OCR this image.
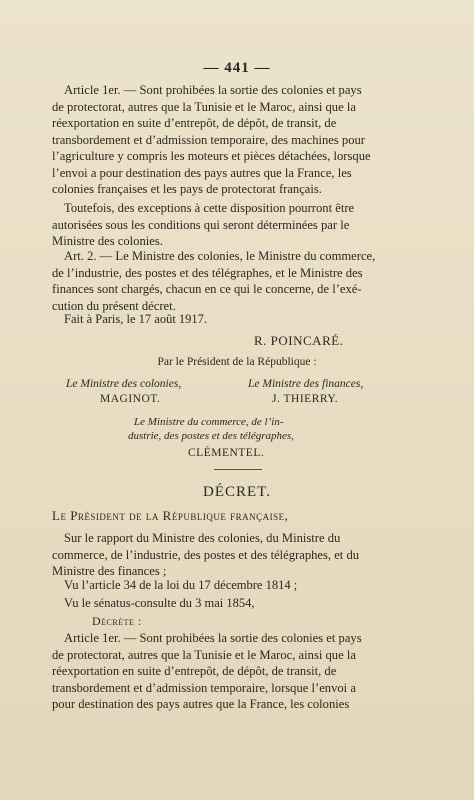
— 441 —
Article 1er. — Sont prohibées la sortie des colonies et pays
de protectorat, autres que la Tunisie et le Maroc, ainsi que la
réexportation en suite d’entrepôt, de dépôt, de transit, de
transbordement et d’admission temporaire, des machines pour
l’agriculture y compris les moteurs et pièces détachées, lorsque
l’envoi a pour destination des pays autres que la France, les
colonies françaises et les pays de protectorat français.
Toutefois, des exceptions à cette disposition pourront être
autorisées sous les conditions qui seront déterminées par le
Ministre des colonies.
Art. 2. — Le Ministre des colonies, le Ministre du commerce,
de l’industrie, des postes et des télégraphes, et le Ministre des
finances sont chargés, chacun en ce qui le concerne, de l’exé-
cution du présent décret.
Fait à Paris, le 17 août 1917.
R. POINCARÉ.
Par le Président de la République :
Le Ministre des colonies,
MAGINOT.
Le Ministre des finances,
J. THIERRY.
Le Ministre du commerce, de l’in-
dustrie, des postes et des télégraphes,
CLÉMENTEL.
DÉCRET.
Le Président de la République française,
Sur le rapport du Ministre des colonies, du Ministre du
commerce, de l’industrie, des postes et des télégraphes, et du
Ministre des finances ;
Vu l’article 34 de la loi du 17 décembre 1814 ;
Vu le sénatus-consulte du 3 mai 1854,
Décrète :
Article 1er. — Sont prohibées la sortie des colonies et pays
de protectorat, autres que la Tunisie et le Maroc, ainsi que la
réexportation en suite d’entrepôt, de dépôt, de transit, de
transbordement et d’admission temporaire, lorsque l’envoi a
pour destination des pays autres que la France, les colonies
